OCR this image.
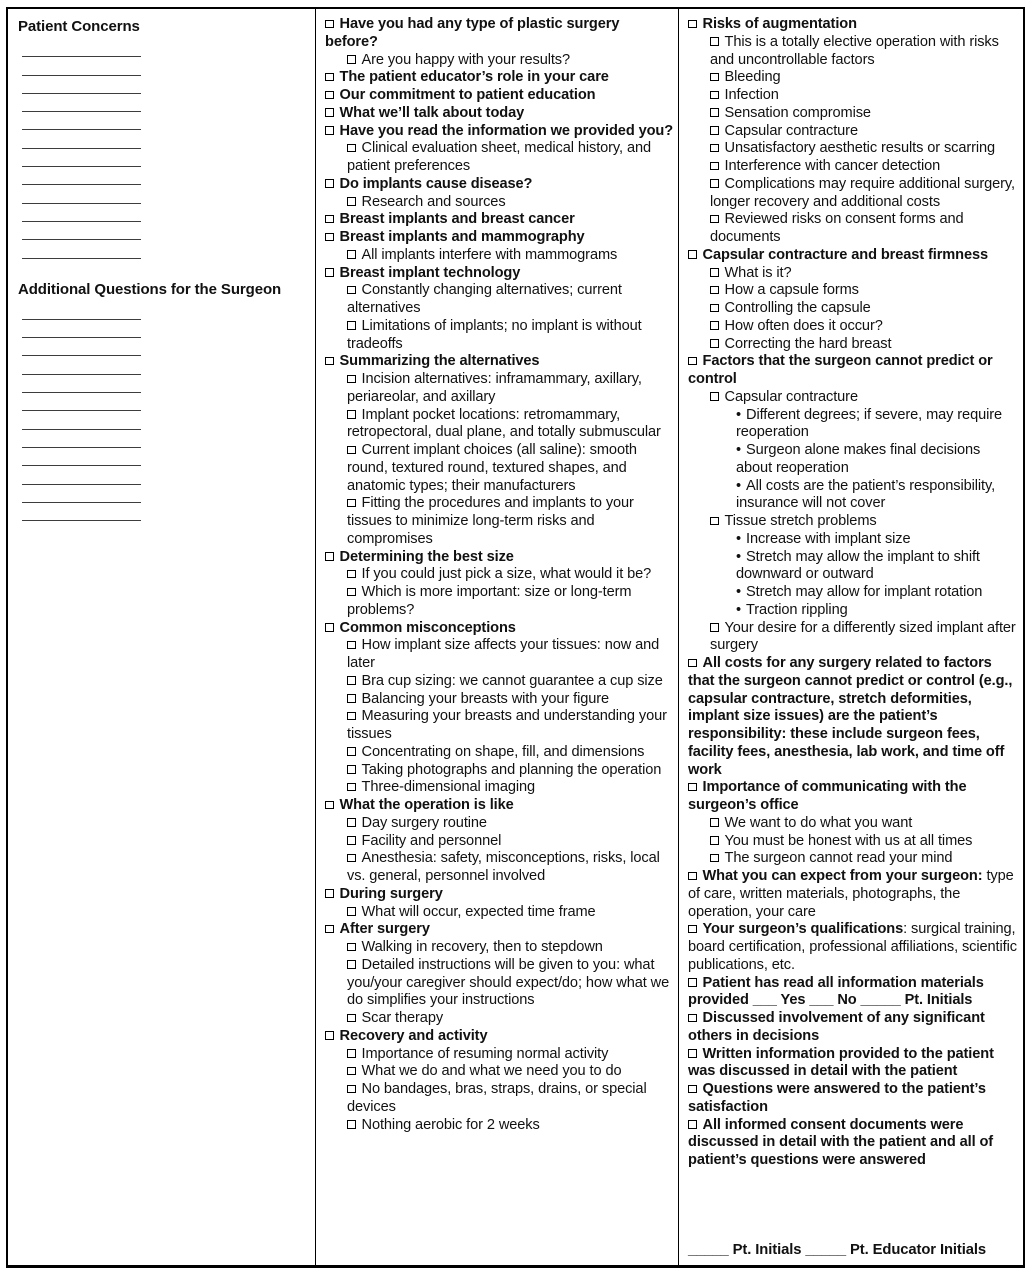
Patient Concerns
Additional Questions for the Surgeon
Have you had any type of plastic surgery before?
Are you happy with your results?
The patient educator’s role in your care
Our commitment to patient education
What we’ll talk about today
Have you read the information we provided you?
Clinical evaluation sheet, medical history, and patient preferences
Do implants cause disease?
Research and sources
Breast implants and breast cancer
Breast implants and mammography
All implants interfere with mammograms
Breast implant technology
Constantly changing alternatives; current alternatives
Limitations of implants; no implant is without tradeoffs
Summarizing the alternatives
Incision alternatives: inframammary, axillary, periareolar, and axillary
Implant pocket locations: retromammary, retropectoral, dual plane, and totally submuscular
Current implant choices (all saline): smooth round, textured round, textured shapes, and anatomic types; their manufacturers
Fitting the procedures and implants to your tissues to minimize long-term risks and compromises
Determining the best size
If you could just pick a size, what would it be?
Which is more important: size or long-term problems?
Common misconceptions
How implant size affects your tissues: now and later
Bra cup sizing: we cannot guarantee a cup size
Balancing your breasts with your figure
Measuring your breasts and understanding your tissues
Concentrating on shape, fill, and dimensions
Taking photographs and planning the operation
Three-dimensional imaging
What the operation is like
Day surgery routine
Facility and personnel
Anesthesia: safety, misconceptions, risks, local vs. general, personnel involved
During surgery
What will occur, expected time frame
After surgery
Walking in recovery, then to stepdown
Detailed instructions will be given to you: what you/your caregiver should expect/do; how what we do simplifies your instructions
Scar therapy
Recovery and activity
Importance of resuming normal activity
What we do and what we need you to do
No bandages, bras, straps, drains, or special devices
Nothing aerobic for 2 weeks
Risks of augmentation
This is a totally elective operation with risks and uncontrollable factors
Bleeding
Infection
Sensation compromise
Capsular contracture
Unsatisfactory aesthetic results or scarring
Interference with cancer detection
Complications may require additional surgery, longer recovery and additional costs
Reviewed risks on consent forms and documents
Capsular contracture and breast firmness
What is it?
How a capsule forms
Controlling the capsule
How often does it occur?
Correcting the hard breast
Factors that the surgeon cannot predict or control
Capsular contracture
• Different degrees; if severe, may require reoperation
• Surgeon alone makes final decisions about reoperation
• All costs are the patient’s responsibility, insurance will not cover
Tissue stretch problems
• Increase with implant size
• Stretch may allow the implant to shift downward or outward
• Stretch may allow for implant rotation
• Traction rippling
Your desire for a differently sized implant after surgery
All costs for any surgery related to factors that the surgeon cannot predict or control (e.g., capsular contracture, stretch deformities, implant size issues) are the patient’s responsibility: these include surgeon fees, facility fees, anesthesia, lab work, and time off work
Importance of communicating with the surgeon’s office
We want to do what you want
You must be honest with us at all times
The surgeon cannot read your mind
What you can expect from your surgeon: type of care, written materials, photographs, the operation, your care
Your surgeon’s qualifications: surgical training, board certification, professional affiliations, scientific publications, etc.
Patient has read all information materials provided ___ Yes ___ No _____ Pt. Initials
Discussed involvement of any significant others in decisions
Written information provided to the patient was discussed in detail with the patient
Questions were answered to the patient’s satisfaction
All informed consent documents were discussed in detail with the patient and all of patient’s questions were answered
_____ Pt. Initials _____ Pt. Educator Initials
